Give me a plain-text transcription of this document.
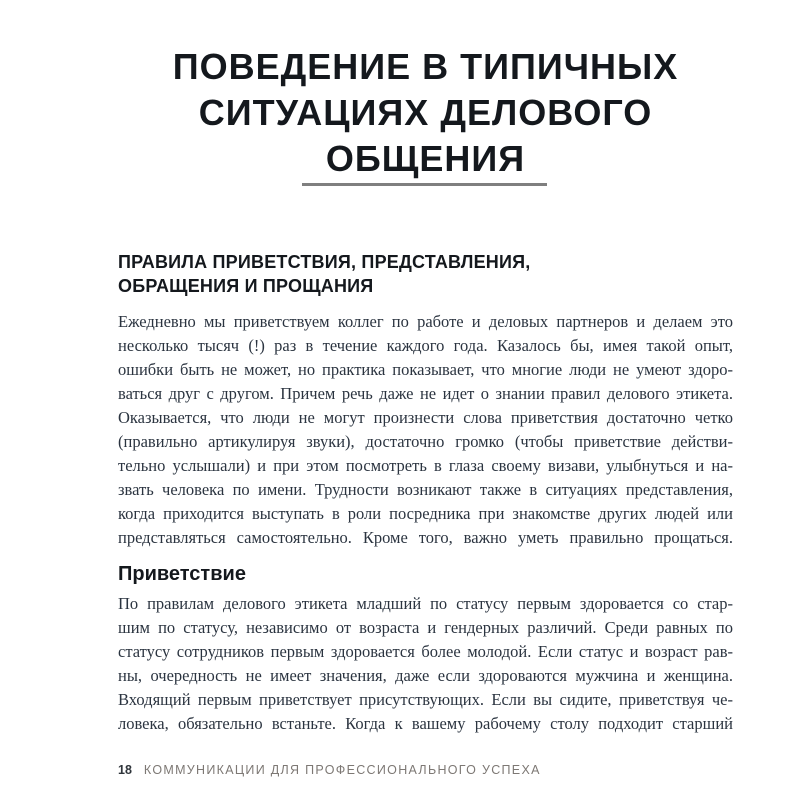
ПОВЕДЕНИЕ В ТИПИЧНЫХ
СИТУАЦИЯХ ДЕЛОВОГО
ОБЩЕНИЯ
ПРАВИЛА ПРИВЕТСТВИЯ, ПРЕДСТАВЛЕНИЯ,
ОБРАЩЕНИЯ И ПРОЩАНИЯ
Ежедневно мы приветствуем коллег по работе и деловых партнеров и делаем это
несколько тысяч (!) раз в течение каждого года. Казалось бы, имея такой опыт,
ошибки быть не может, но практика показывает, что многие люди не умеют здоро-
ваться друг с другом. Причем речь даже не идет о знании правил делового этикета.
Оказывается, что люди не могут произнести слова приветствия достаточно четко
(правильно артикулируя звуки), достаточно громко (чтобы приветствие действи-
тельно услышали) и при этом посмотреть в глаза своему визави, улыбнуться и на-
звать человека по имени. Трудности возникают также в ситуациях представления,
когда приходится выступать в роли посредника при знакомстве других людей или
представляться самостоятельно. Кроме того, важно уметь правильно прощаться.
Приветствие
По правилам делового этикета младший по статусу первым здоровается со стар-
шим по статусу, независимо от возраста и гендерных различий. Среди равных по
статусу сотрудников первым здоровается более молодой. Если статус и возраст рав-
ны, очередность не имеет значения, даже если здороваются мужчина и женщина.
Входящий первым приветствует присутствующих. Если вы сидите, приветствуя че-
ловека, обязательно встаньте. Когда к вашему рабочему столу подходит старший
18 КОММУНИКАЦИИ ДЛЯ ПРОФЕССИОНАЛЬНОГО УСПЕХА
